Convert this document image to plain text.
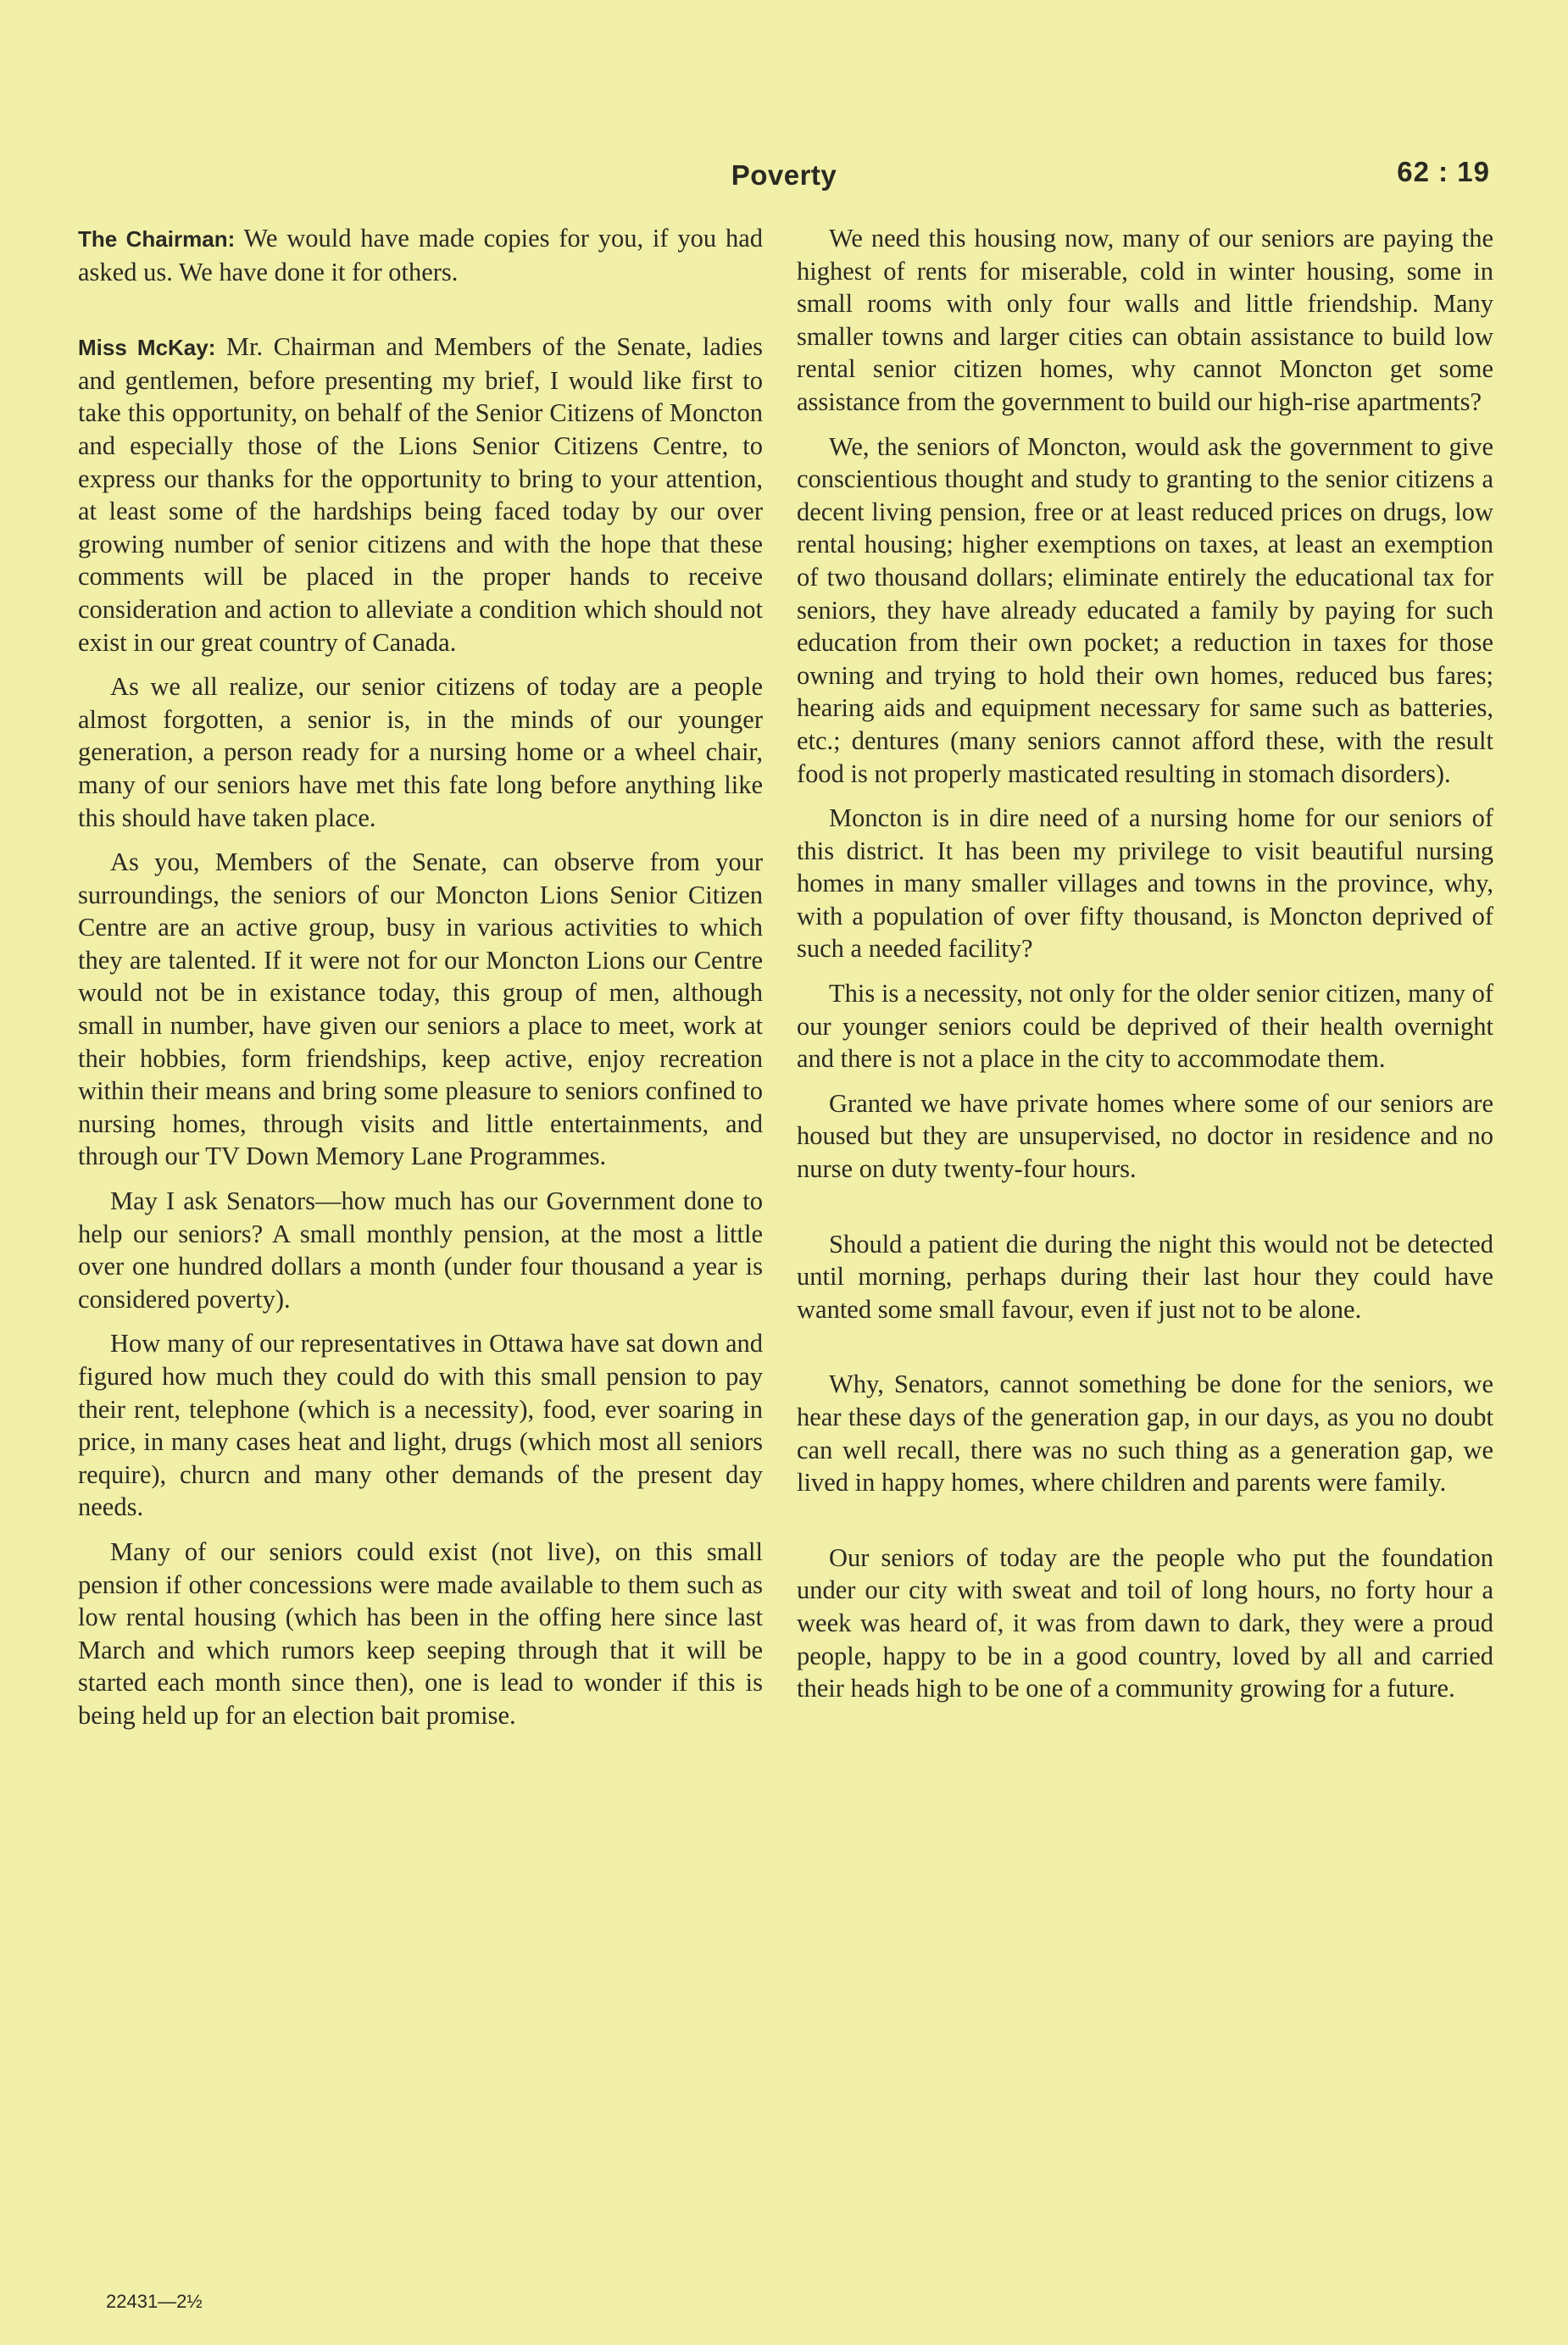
Poverty	62 : 19

The Chairman: We would have made copies for you, if you had asked us. We have done it for others.

Miss McKay: Mr. Chairman and Members of the Senate, ladies and gentlemen, before presenting my brief, I would like first to take this opportunity, on behalf of the Senior Citizens of Moncton and especially those of the Lions Senior Citizens Centre, to express our thanks for the opportunity to bring to your attention, at least some of the hardships being faced today by our over growing number of senior citizens and with the hope that these comments will be placed in the proper hands to receive consideration and action to alleviate a condition which should not exist in our great country of Canada.

As we all realize, our senior citizens of today are a people almost forgotten, a senior is, in the minds of our younger generation, a person ready for a nursing home or a wheel chair, many of our seniors have met this fate long before anything like this should have taken place.

As you, Members of the Senate, can observe from your surroundings, the seniors of our Moncton Lions Senior Citizen Centre are an active group, busy in various activities to which they are talented. If it were not for our Moncton Lions our Centre would not be in existance today, this group of men, although small in number, have given our seniors a place to meet, work at their hobbies, form friendships, keep active, enjoy recreation within their means and bring some pleasure to seniors confined to nursing homes, through visits and little entertainments, and through our TV Down Memory Lane Programmes.

May I ask Senators—how much has our Government done to help our seniors? A small monthly pension, at the most a little over one hundred dollars a month (under four thousand a year is considered poverty).

How many of our representatives in Ottawa have sat down and figured how much they could do with this small pension to pay their rent, telephone (which is a necessity), food, ever soaring in price, in many cases heat and light, drugs (which most all seniors require), churcn and many other demands of the present day needs.

Many of our seniors could exist (not live), on this small pension if other concessions were made available to them such as low rental housing (which has been in the offing here since last March and which rumors keep seeping through that it will be started each month since then), one is lead to wonder if this is being held up for an election bait promise.

We need this housing now, many of our seniors are paying the highest of rents for miserable, cold in winter housing, some in small rooms with only four walls and little friendship. Many smaller towns and larger cities can obtain assistance to build low rental senior citizen homes, why cannot Moncton get some assistance from the government to build our high-rise apartments?

We, the seniors of Moncton, would ask the government to give conscientious thought and study to granting to the senior citizens a decent living pension, free or at least reduced prices on drugs, low rental housing; higher exemptions on taxes, at least an exemption of two thousand dollars; eliminate entirely the educational tax for seniors, they have already educated a family by paying for such education from their own pocket; a reduction in taxes for those owning and trying to hold their own homes, reduced bus fares; hearing aids and equipment necessary for same such as batteries, etc.; dentures (many seniors cannot afford these, with the result food is not properly masticated resulting in stomach disorders).

Moncton is in dire need of a nursing home for our seniors of this district. It has been my privilege to visit beautiful nursing homes in many smaller villages and towns in the province, why, with a population of over fifty thousand, is Moncton deprived of such a needed facility?

This is a necessity, not only for the older senior citizen, many of our younger seniors could be deprived of their health overnight and there is not a place in the city to accommodate them.

Granted we have private homes where some of our seniors are housed but they are unsupervised, no doctor in residence and no nurse on duty twenty-four hours.

Should a patient die during the night this would not be detected until morning, perhaps during their last hour they could have wanted some small favour, even if just not to be alone.

Why, Senators, cannot something be done for the seniors, we hear these days of the generation gap, in our days, as you no doubt can well recall, there was no such thing as a generation gap, we lived in happy homes, where children and parents were family.

Our seniors of today are the people who put the foundation under our city with sweat and toil of long hours, no forty hour a week was heard of, it was from dawn to dark, they were a proud people, happy to be in a good country, loved by all and carried their heads high to be one of a community growing for a future.

22431—2½
